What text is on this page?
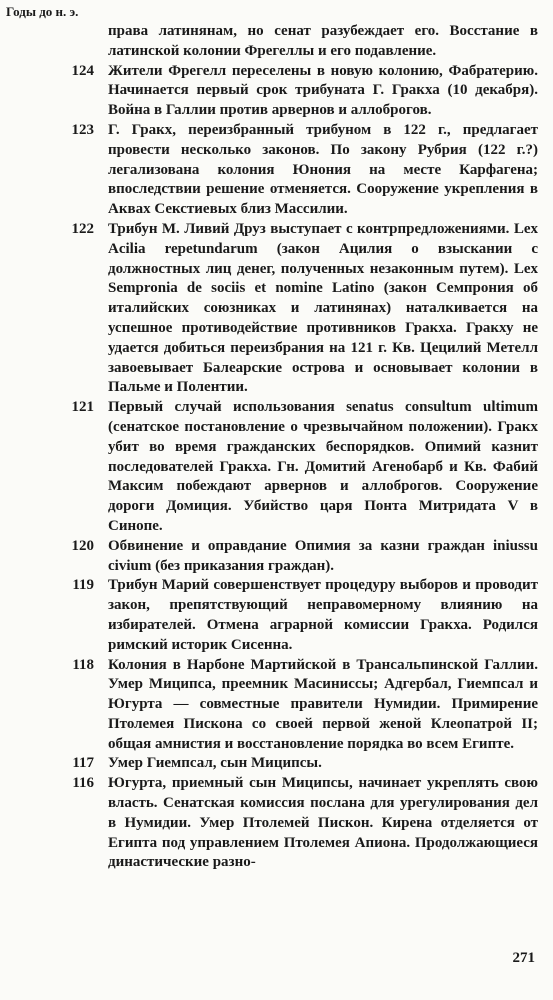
Годы до н. э.
права латинянам, но сенат разубеждает его. Восстание в латинской колонии Фрегеллы и его подавление.
124 Жители Фрегелл переселены в новую колонию, Фабратерию. Начинается первый срок трибуната Г. Гракха (10 декабря). Война в Галлии против арвернов и аллоброгов.
123 Г. Гракх, переизбранный трибуном в 122 г., предлагает провести несколько законов. По закону Рубрия (122 г.?) легализована колония Юнония на месте Карфагена; впоследствии решение отменяется. Сооружение укрепления в Аквах Секстиевых близ Массилии.
122 Трибун М. Ливий Друз выступает с контрпредложениями. Lex Acilia repetundarum (закон Ацилия о взыскании с должностных лиц денег, полученных незаконным путем). Lex Sempronia de sociis et nomine Latino (закон Семпрония об италийских союзниках и латинянах) наталкивается на успешное противодействие противников Гракха. Гракху не удается добиться переизбрания на 121 г. Кв. Цецилий Метелл завоевывает Балеарские острова и основывает колонии в Пальме и Полентии.
121 Первый случай использования senatus consultum ultimum (сенатское постановление о чрезвычайном положении). Гракх убит во время гражданских беспорядков. Опимий казнит последователей Гракха. Гн. Домитий Агенобарб и Кв. Фабий Максим побеждают арвернов и аллоброгов. Сооружение дороги Домиция. Убийство царя Понта Митридата V в Синопе.
120 Обвинение и оправдание Опимия за казни граждан iniussu civium (без приказания граждан).
119 Трибун Марий совершенствует процедуру выборов и проводит закон, препятствующий неправомерному влиянию на избирателей. Отмена аграрной комиссии Гракха. Родился римский историк Сисенна.
118 Колония в Нарбоне Мартийской в Трансальпинской Галлии. Умер Миципса, преемник Масиниссы; Адгербал, Гиемпсал и Югурта — совместные правители Нумидии. Примирение Птолемея Пискона со своей первой женой Клеопатрой II; общая амнистия и восстановление порядка во всем Египте.
117 Умер Гиемпсал, сын Миципсы.
116 Югурта, приемный сын Миципсы, начинает укреплять свою власть. Сенатская комиссия послана для урегулирования дел в Нумидии. Умер Птолемей Пискон. Кирена отделяется от Египта под управлением Птолемея Апиона. Продолжающиеся династические разно-
271
